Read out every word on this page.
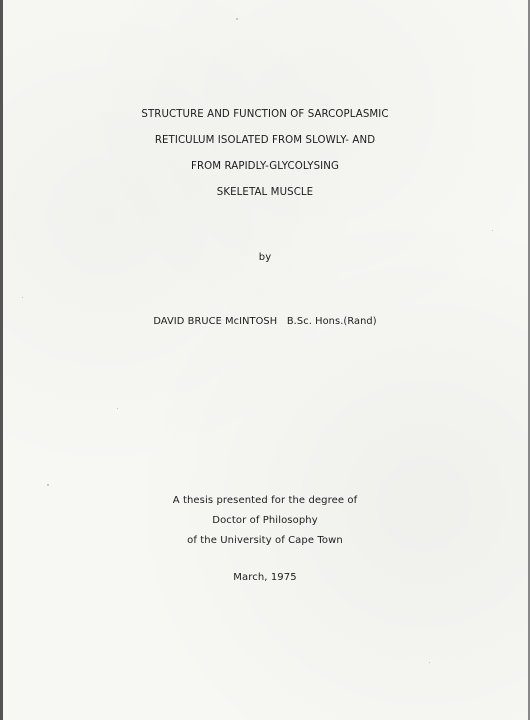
STRUCTURE AND FUNCTION OF SARCOPLASMIC
RETICULUM ISOLATED FROM SLOWLY- AND
FROM RAPIDLY-GLYCOLYSING
SKELETAL MUSCLE
by
DAVID BRUCE McINTOSH   B.Sc. Hons.(Rand)
A thesis presented for the degree of
Doctor of Philosophy
of the University of Cape Town
March, 1975
